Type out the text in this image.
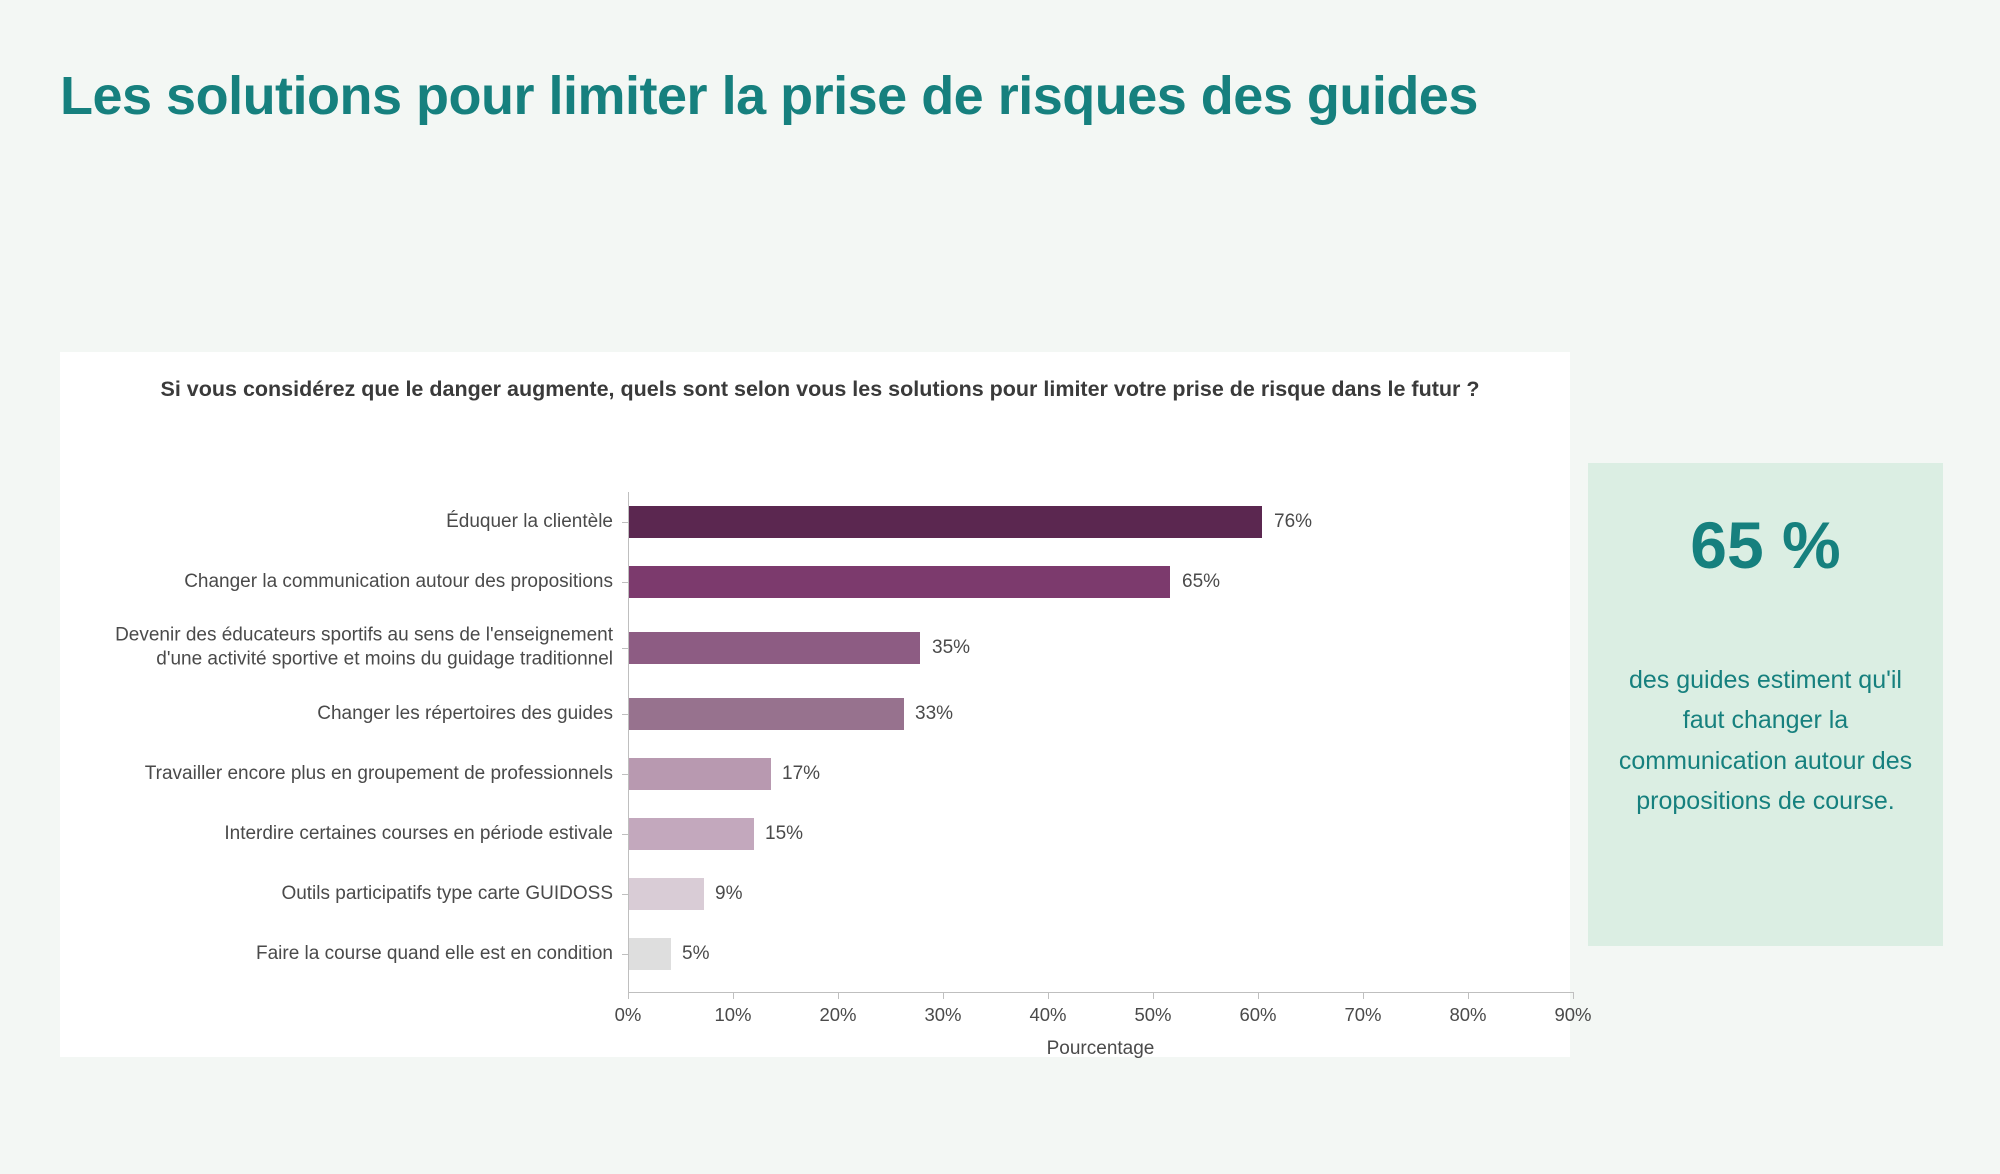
Les solutions pour limiter la prise de risques des guides
Si vous considérez que le danger augmente, quels sont selon vous les solutions pour limiter votre prise de risque dans le futur ?
Éduquer la clientèle	76%
Changer la communication autour des propositions	65%
Devenir des éducateurs sportifs au sens de l'enseignement d'une activité sportive et moins du guidage traditionnel
35%
Changer les répertoires des guides	33%
Travailler encore plus en groupement de professionnels	17%
Interdire certaines courses en période estivale	15%
Outils participatifs type carte GUIDOSS	9%
Faire la course quand elle est en condition	5%
0%	10%	20%	30%	40%	50%	60%	70%	80%	90%
Pourcentage
65 %
des guides estiment qu'il faut changer la communication autour des propositions de course.
